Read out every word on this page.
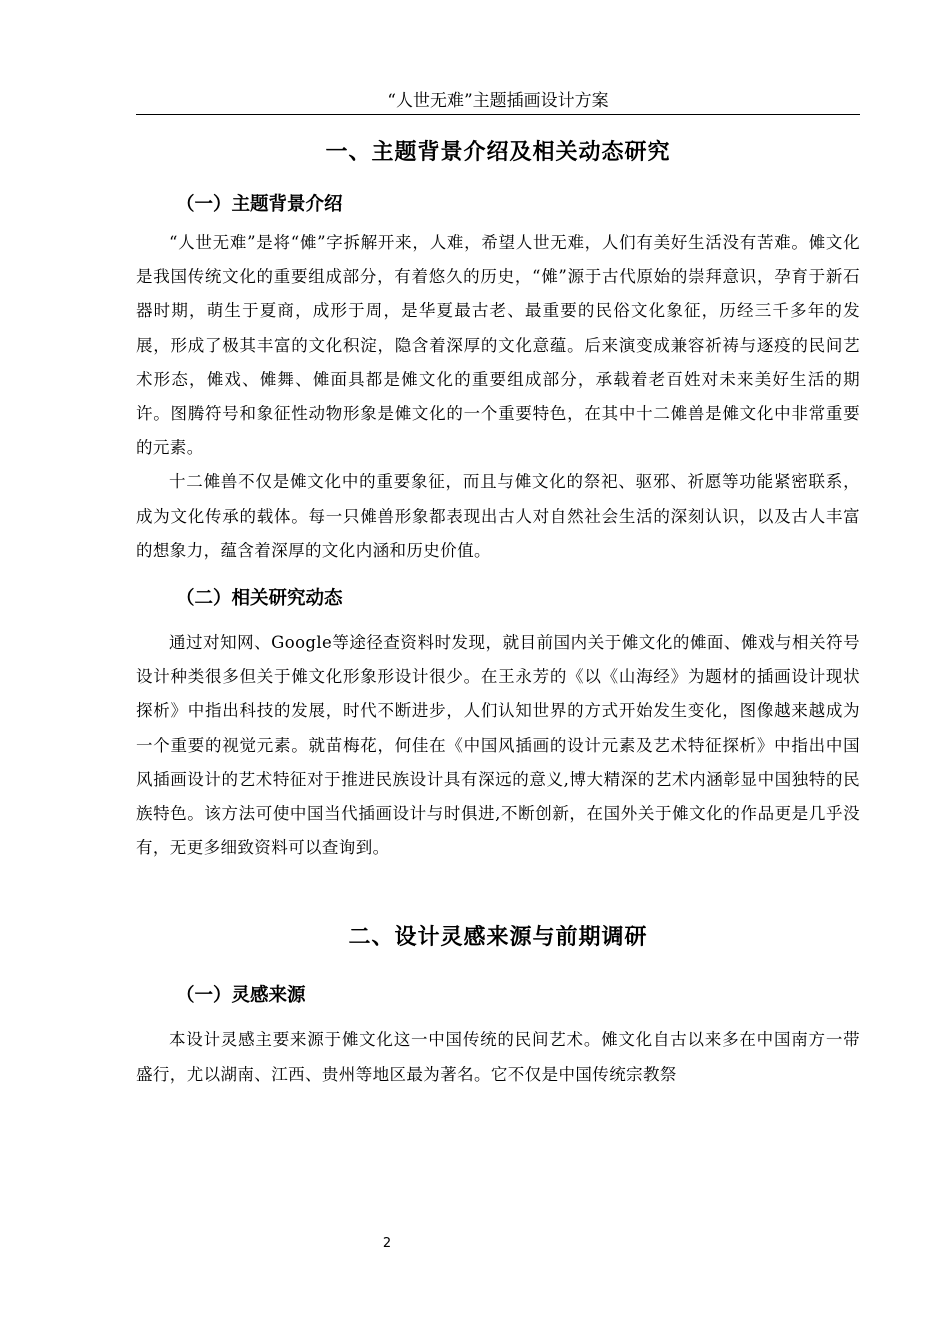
“人世无难”主题插画设计方案
一、主题背景介绍及相关动态研究
（一）主题背景介绍

“人世无难”是将“傩”字拆解开来，人难，希望人世无难，人们有美好生活没有苦难。傩文化是我国传统文化的重要组成部分，有着悠久的历史，“傩”源于古代原始的崇拜意识，孕育于新石器时期，萌生于夏商，成形于周，是华夏最古老、最重要的民俗文化象征，历经三千多年的发展，形成了极其丰富的文化积淀，隐含着深厚的文化意蕴。后来演变成兼容祈祷与逐疫的民间艺术形态，傩戏、傩舞、傩面具都是傩文化的重要组成部分，承载着老百姓对未来美好生活的期许。图腾符号和象征性动物形象是傩文化的一个重要特色，在其中十二傩兽是傩文化中非常重要的元素。

十二傩兽不仅是傩文化中的重要象征，而且与傩文化的祭祀、驱邪、祈愿等功能紧密联系，成为文化传承的载体。每一只傩兽形象都表现出古人对自然社会生活的深刻认识，以及古人丰富的想象力，蕴含着深厚的文化内涵和历史价值。

（二）相关研究动态

通过对知网、Google等途径查资料时发现，就目前国内关于傩文化的傩面、傩戏与相关符号设计种类很多但关于傩文化形象形设计很少。在王永芳的《以《山海经》为题材的插画设计现状探析》中指出科技的发展，时代不断进步，人们认知世界的方式开始发生变化，图像越来越成为一个重要的视觉元素。就苗梅花，何佳在《中国风插画的设计元素及艺术特征探析》中指出中国风插画设计的艺术特征对于推进民族设计具有深远的意义,博大精深的艺术内涵彰显中国独特的民族特色。该方法可使中国当代插画设计与时俱进,不断创新，在国外关于傩文化的作品更是几乎没有，无更多细致资料可以查询到。

二、设计灵感来源与前期调研
（一）灵感来源

本设计灵感主要来源于傩文化这一中国传统的民间艺术。傩文化自古以来多在中国南方一带盛行，尤以湖南、江西、贵州等地区最为著名。它不仅是中国传统宗教祭

2
